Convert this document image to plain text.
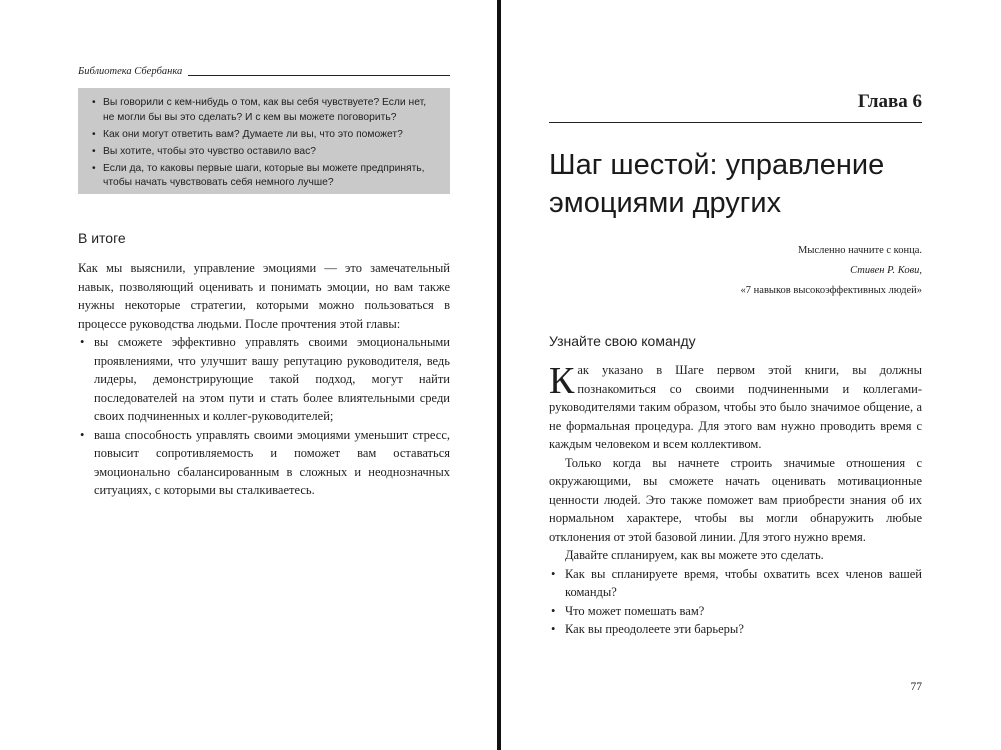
Библиотека Сбербанка
• Вы говорили с кем-нибудь о том, как вы себя чувствуете? Если нет, не могли бы вы это сделать? И с кем вы можете поговорить?
• Как они могут ответить вам? Думаете ли вы, что это поможет?
• Вы хотите, чтобы это чувство оставило вас?
• Если да, то каковы первые шаги, которые вы можете предпринять, чтобы начать чувствовать себя немного лучше?
В итоге

Как мы выяснили, управление эмоциями — это замечательный навык, позволяющий оценивать и понимать эмоции, но вам также нужны некоторые стратегии, которыми можно пользоваться в процессе руководства людьми. После прочтения этой главы:

• вы сможете эффективно управлять своими эмоциональными проявлениями, что улучшит вашу репутацию руководителя, ведь лидеры, демонстрирующие такой подход, могут найти последователей на этом пути и стать более влиятельными среди своих подчиненных и коллег-руководителей;
• ваша способность управлять своими эмоциями уменьшит стресс, повысит сопротивляемость и поможет вам оставаться эмоционально сбалансированным в сложных и неоднозначных ситуациях, с которыми вы сталкиваетесь.
Глава 6
Шаг шестой: управление эмоциями других
Мысленно начните с конца.
Стивен Р. Кови,
«7 навыков высокоэффективных людей»
Узнайте свою команду

Как указано в Шаге первом этой книги, вы должны познакомиться со своими подчиненными и коллегами-руководителями таким образом, чтобы это было значимое общение, а не формальная процедура. Для этого вам нужно проводить время с каждым человеком и всем коллективом.

Только когда вы начнете строить значимые отношения с окружающими, вы сможете начать оценивать мотивационные ценности людей. Это также поможет вам приобрести знания об их нормальном характере, чтобы вы могли обнаружить любые отклонения от этой базовой линии. Для этого нужно время.

Давайте спланируем, как вы можете это сделать.

• Как вы спланируете время, чтобы охватить всех членов вашей команды?
• Что может помешать вам?
• Как вы преодолеете эти барьеры?
77
